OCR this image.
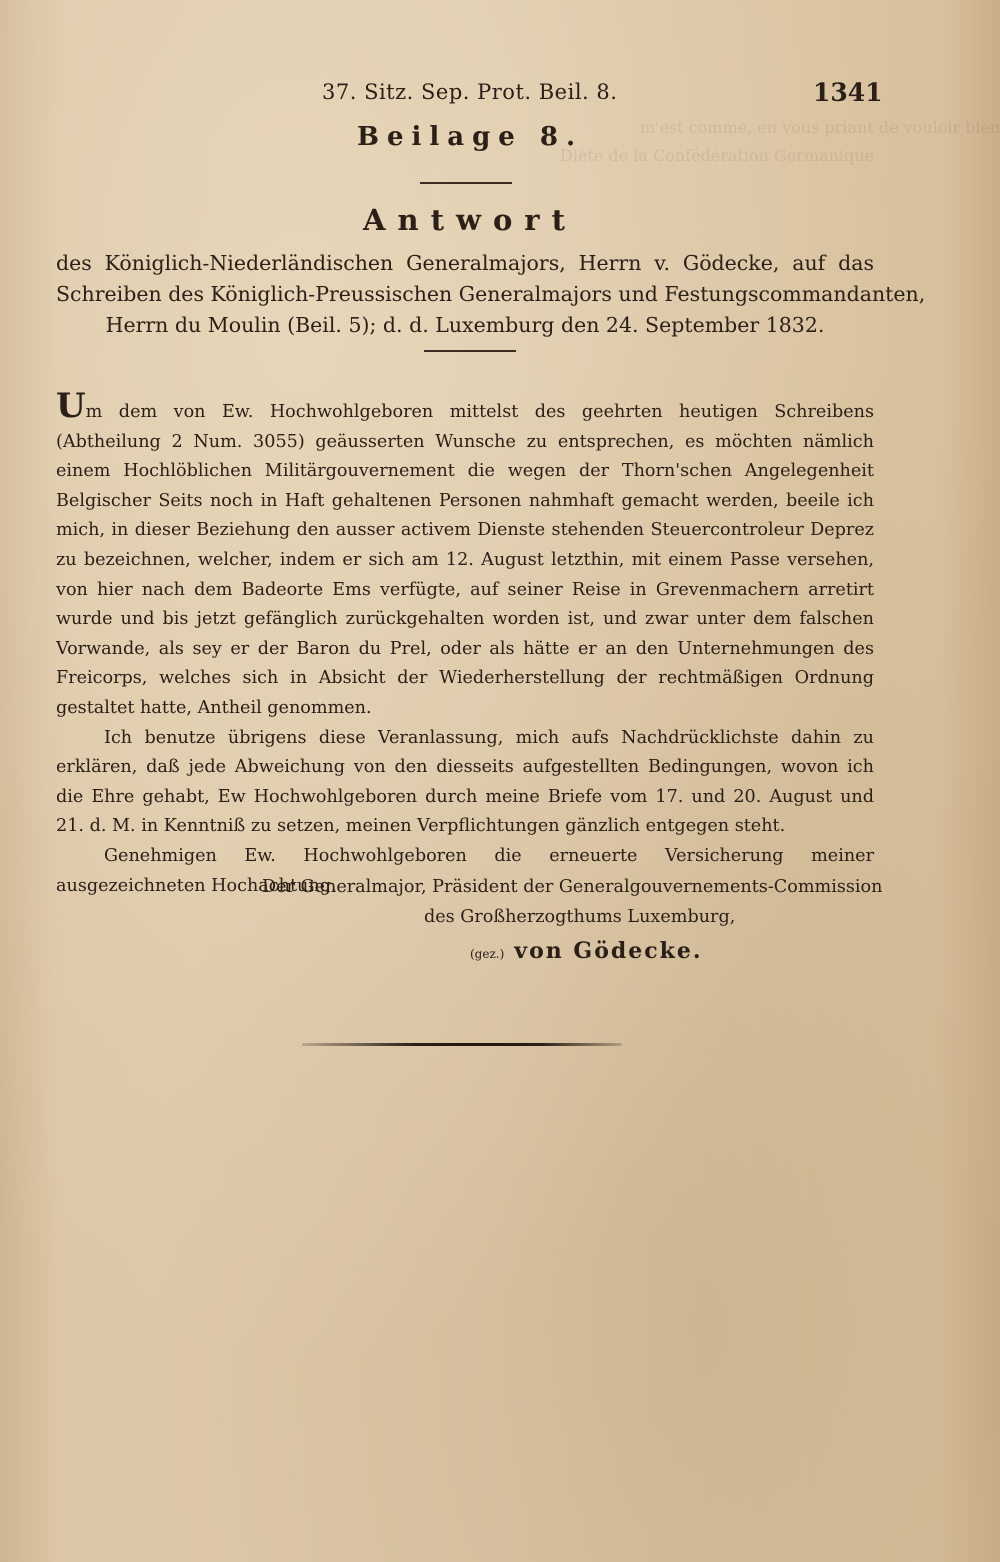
m'est comme, en vous priant de vouloir bien
Diète de la Confédération Germanique
37. Sitz. Sep. Prot. Beil. 8.	1341
Beilage 8.
Antwort
des Königlich-Niederländischen Generalmajors, Herrn v. Gödecke, auf das
Schreiben des Königlich-Preussischen Generalmajors und Festungscommandanten,
Herrn du Moulin (Beil. 5); d. d. Luxemburg den 24. September 1832.

Um dem von Ew. Hochwohlgeboren mittelst des geehrten heutigen Schreibens (Abtheilung 2 Num. 3055) geäusserten Wunsche zu entsprechen, es möchten nämlich einem Hochlöblichen Militärgouvernement die wegen der Thorn'schen Angelegenheit Belgischer Seits noch in Haft gehaltenen Personen nahmhaft gemacht werden, beeile ich mich, in dieser Beziehung den ausser activem Dienste stehenden Steuercontroleur Deprez zu bezeichnen, welcher, indem er sich am 12. August letzthin, mit einem Passe versehen, von hier nach dem Badeorte Ems verfügte, auf seiner Reise in Grevenmachern arretirt wurde und bis jetzt gefänglich zurückgehalten worden ist, und zwar unter dem falschen Vorwande, als sey er der Baron du Prel, oder als hätte er an den Unternehmungen des Freicorps, welches sich in Absicht der Wiederherstellung der rechtmäßigen Ordnung gestaltet hatte, Antheil genommen.

Ich benutze übrigens diese Veranlassung, mich aufs Nachdrücklichste dahin zu erklären, daß jede Abweichung von den diesseits aufgestellten Bedingungen, wovon ich die Ehre gehabt, Ew Hochwohlgeboren durch meine Briefe vom 17. und 20. August und 21. d. M. in Kenntniß zu setzen, meinen Verpflichtungen gänzlich entgegen steht.

Genehmigen Ew. Hochwohlgeboren die erneuerte Versicherung meiner ausgezeichneten Hochachtung.

Der Generalmajor, Präsident der Generalgouvernements-Commission
des Großherzogthums Luxemburg,
(gez.) von Gödecke.
